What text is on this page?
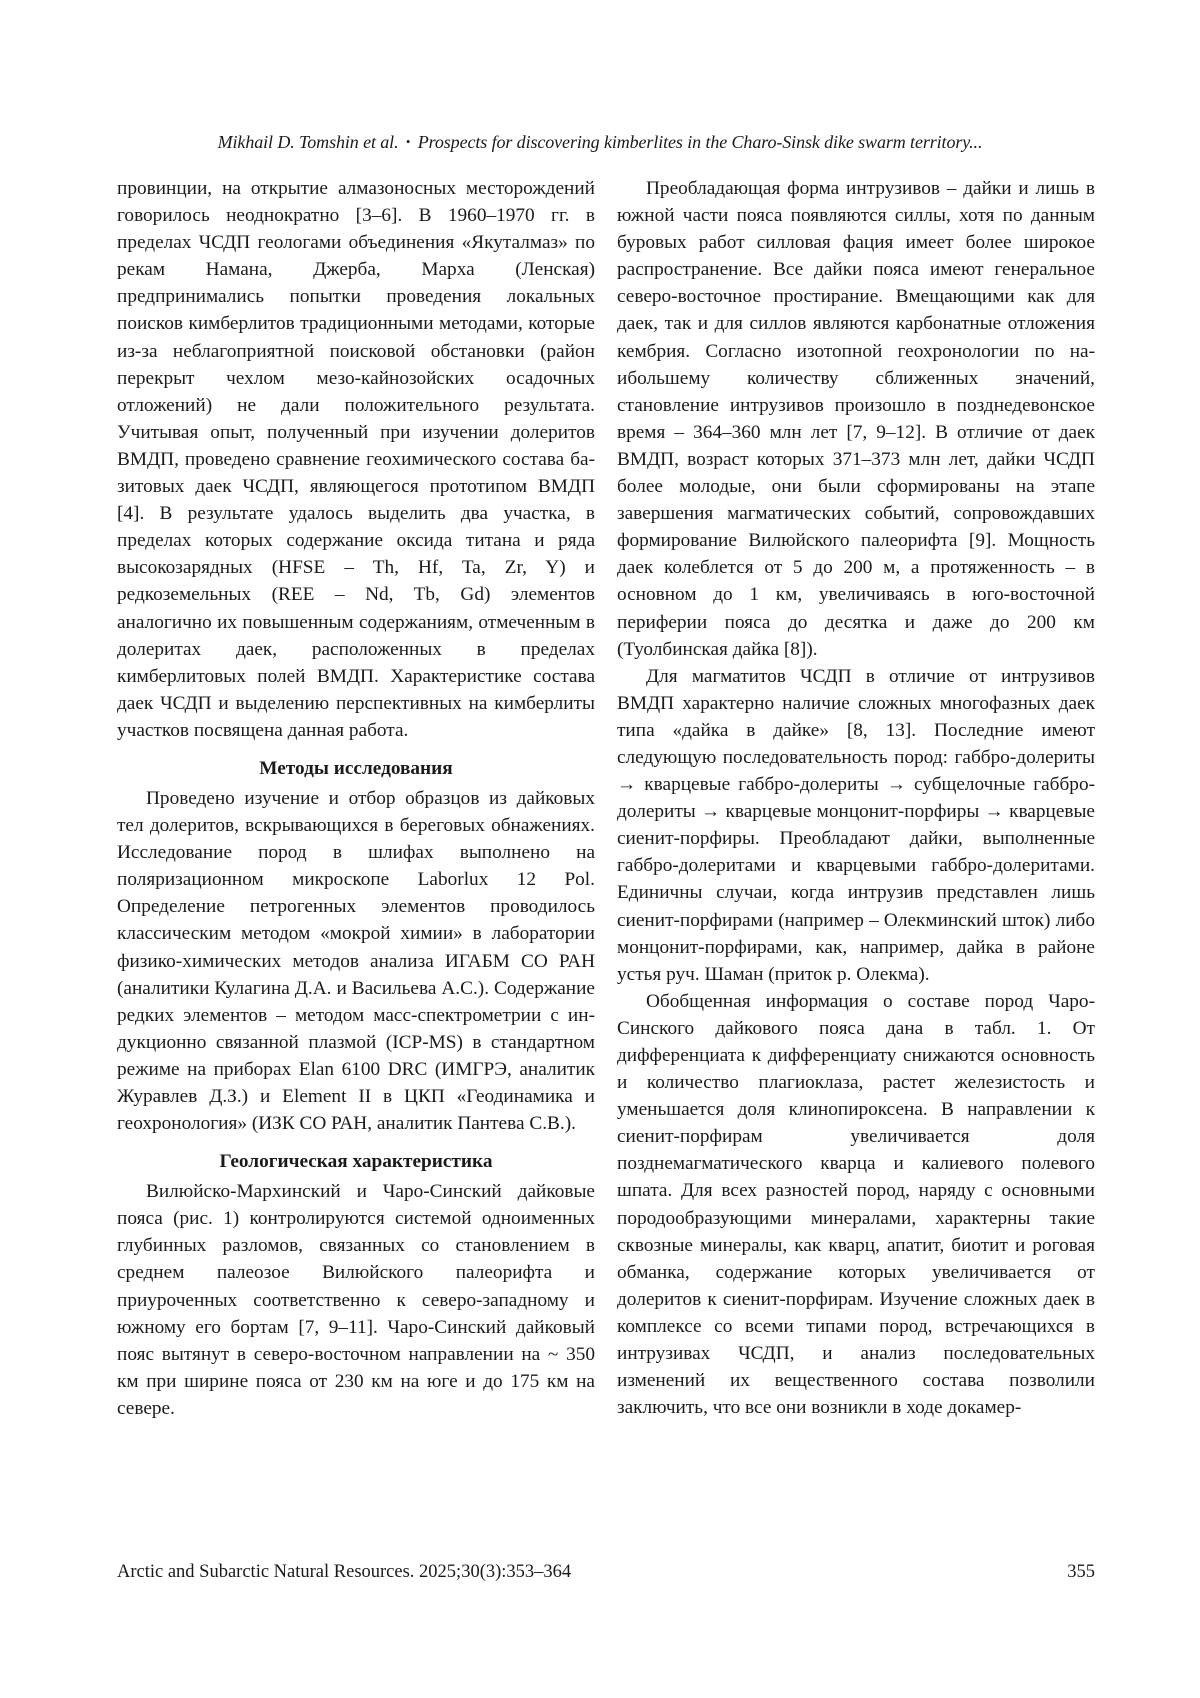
Mikhail D. Tomshin et al. • Prospects for discovering kimberlites in the Charo-Sinsk dike swarm territory...

провинции, на открытие алмазоносных месторождений говорилось неоднократно [3–6]. В 1960–1970 гг. в пределах ЧСДП геологами объединения «Якуталмаз» по рекам Намана, Джерба, Марха (Ленская) предпринимались попытки проведения локальных поисков кимберлитов традиционными методами, которые из-за неблагоприятной поисковой обстановки (район перекрыт чехлом мезо-кайнозойских осадочных отложений) не дали положительного результата. Учитывая опыт, полученный при изучении долеритов ВМДП, проведено сравнение геохимического состава базитовых даек ЧСДП, являющегося прототипом ВМДП [4]. В результате удалось выделить два участка, в пределах которых содержание оксида титана и ряда высокозарядных (HFSE – Th, Hf, Ta, Zr, Y) и редкоземельных (REE – Nd, Tb, Gd) элементов аналогично их повышенным содержаниям, отмеченным в долеритах даек, расположенных в пределах кимберлитовых полей ВМДП. Характеристике состава даек ЧСДП и выделению перспективных на кимберлиты участков посвящена данная работа.

Методы исследования

Проведено изучение и отбор образцов из дайковых тел долеритов, вскрывающихся в береговых обнажениях. Исследование пород в шлифах выполнено на поляризационном микроскопе Laborlux 12 Pol. Определение петрогенных элементов проводилось классическим методом «мокрой химии» в лаборатории физико-химических методов анализа ИГАБМ СО РАН (аналитики Кулагина Д.А. и Васильева А.С.). Содержание редких элементов – методом масс-спектрометрии с индукционно связанной плазмой (ICP-MS) в стандартном режиме на приборах Elan 6100 DRC (ИМГРЭ, аналитик Журавлев Д.З.) и Element II в ЦКП «Геодинамика и геохронология» (ИЗК СО РАН, аналитик Пантева С.В.).

Геологическая характеристика

Вилюйско-Мархинский и Чаро-Синский дайковые пояса (рис. 1) контролируются системой одноименных глубинных разломов, связанных со становлением в среднем палеозое Вилюйского палеорифта и приуроченных соответственно к северо-западному и южному его бортам [7, 9–11]. Чаро-Синский дайковый пояс вытянут в северо-восточном направлении на ~ 350 км при ширине пояса от 230 км на юге и до 175 км на севере.

Преобладающая форма интрузивов – дайки и лишь в южной части пояса появляются силлы, хотя по данным буровых работ силловая фация имеет более широкое распространение. Все дайки пояса имеют генеральное северо-восточное простирание. Вмещающими как для даек, так и для силлов являются карбонатные отложения кембрия. Согласно изотопной геохронологии по наибольшему количеству сближенных значений, становление интрузивов произошло в позднедевонское время – 364–360 млн лет [7, 9–12]. В отличие от даек ВМДП, возраст которых 371–373 млн лет, дайки ЧСДП более молодые, они были сформированы на этапе завершения магматических событий, сопровождавших формирование Вилюйского палеорифта [9]. Мощность даек колеблется от 5 до 200 м, а протяженность – в основном до 1 км, увеличиваясь в юго-восточной периферии пояса до десятка и даже до 200 км (Туолбинская дайка [8]).

Для магматитов ЧСДП в отличие от интрузивов ВМДП характерно наличие сложных многофазных даек типа «дайка в дайке» [8, 13]. Последние имеют следующую последовательность пород: габбро-долериты → кварцевые габбро-долериты → субщелочные габбро-долериты → кварцевые монцонит-порфиры → кварцевые сиенит-порфиры. Преобладают дайки, выполненные габбро-долеритами и кварцевыми габбро-долеритами. Единичны случаи, когда интрузив представлен лишь сиенит-порфирами (например – Олекминский шток) либо монцонит-порфирами, как, например, дайка в районе устья руч. Шаман (приток р. Олекма).

Обобщенная информация о составе пород Чаро-Синского дайкового пояса дана в табл. 1. От дифференциата к дифференциату снижаются основность и количество плагиоклаза, растет железистость и уменьшается доля клинопироксена. В направлении к сиенит-порфирам увеличивается доля позднемагматического кварца и калиевого полевого шпата. Для всех разностей пород, наряду с основными породообразующими минералами, характерны такие сквозные минералы, как кварц, апатит, биотит и роговая обманка, содержание которых увеличивается от долеритов к сиенит-порфирам. Изучение сложных даек в комплексе со всеми типами пород, встречающихся в интрузивах ЧСДП, и анализ последовательных изменений их вещественного состава позволили заключить, что все они возникли в ходе докамер-

Arctic and Subarctic Natural Resources. 2025;30(3):353–364	355
